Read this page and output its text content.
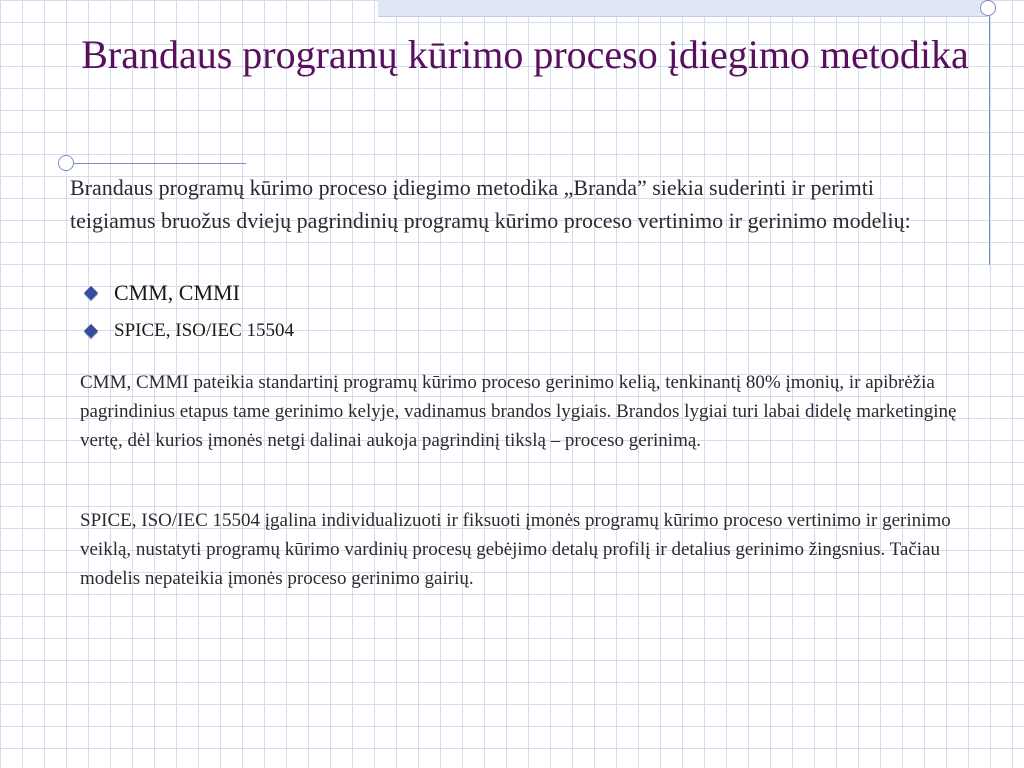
Brandaus programų kūrimo proceso įdiegimo metodika

Brandaus programų kūrimo proceso įdiegimo metodika „Branda” siekia suderinti ir perimti teigiamus bruožus dviejų pagrindinių programų kūrimo proceso vertinimo ir gerinimo modelių:

CMM, CMMI
SPICE, ISO/IEC 15504

CMM, CMMI pateikia standartinį programų kūrimo proceso gerinimo kelią, tenkinantį 80% įmonių, ir apibrėžia pagrindinius etapus tame gerinimo kelyje, vadinamus brandos lygiais. Brandos lygiai turi labai didelę marketinginę vertę, dėl kurios įmonės netgi dalinai aukoja pagrindinį tikslą – proceso gerinimą.

SPICE, ISO/IEC 15504 įgalina individualizuoti ir fiksuoti įmonės programų kūrimo proceso vertinimo ir gerinimo veiklą, nustatyti programų kūrimo vardinių procesų gebėjimo detalų profilį ir detalius gerinimo žingsnius. Tačiau modelis nepateikia įmonės proceso gerinimo gairių.
